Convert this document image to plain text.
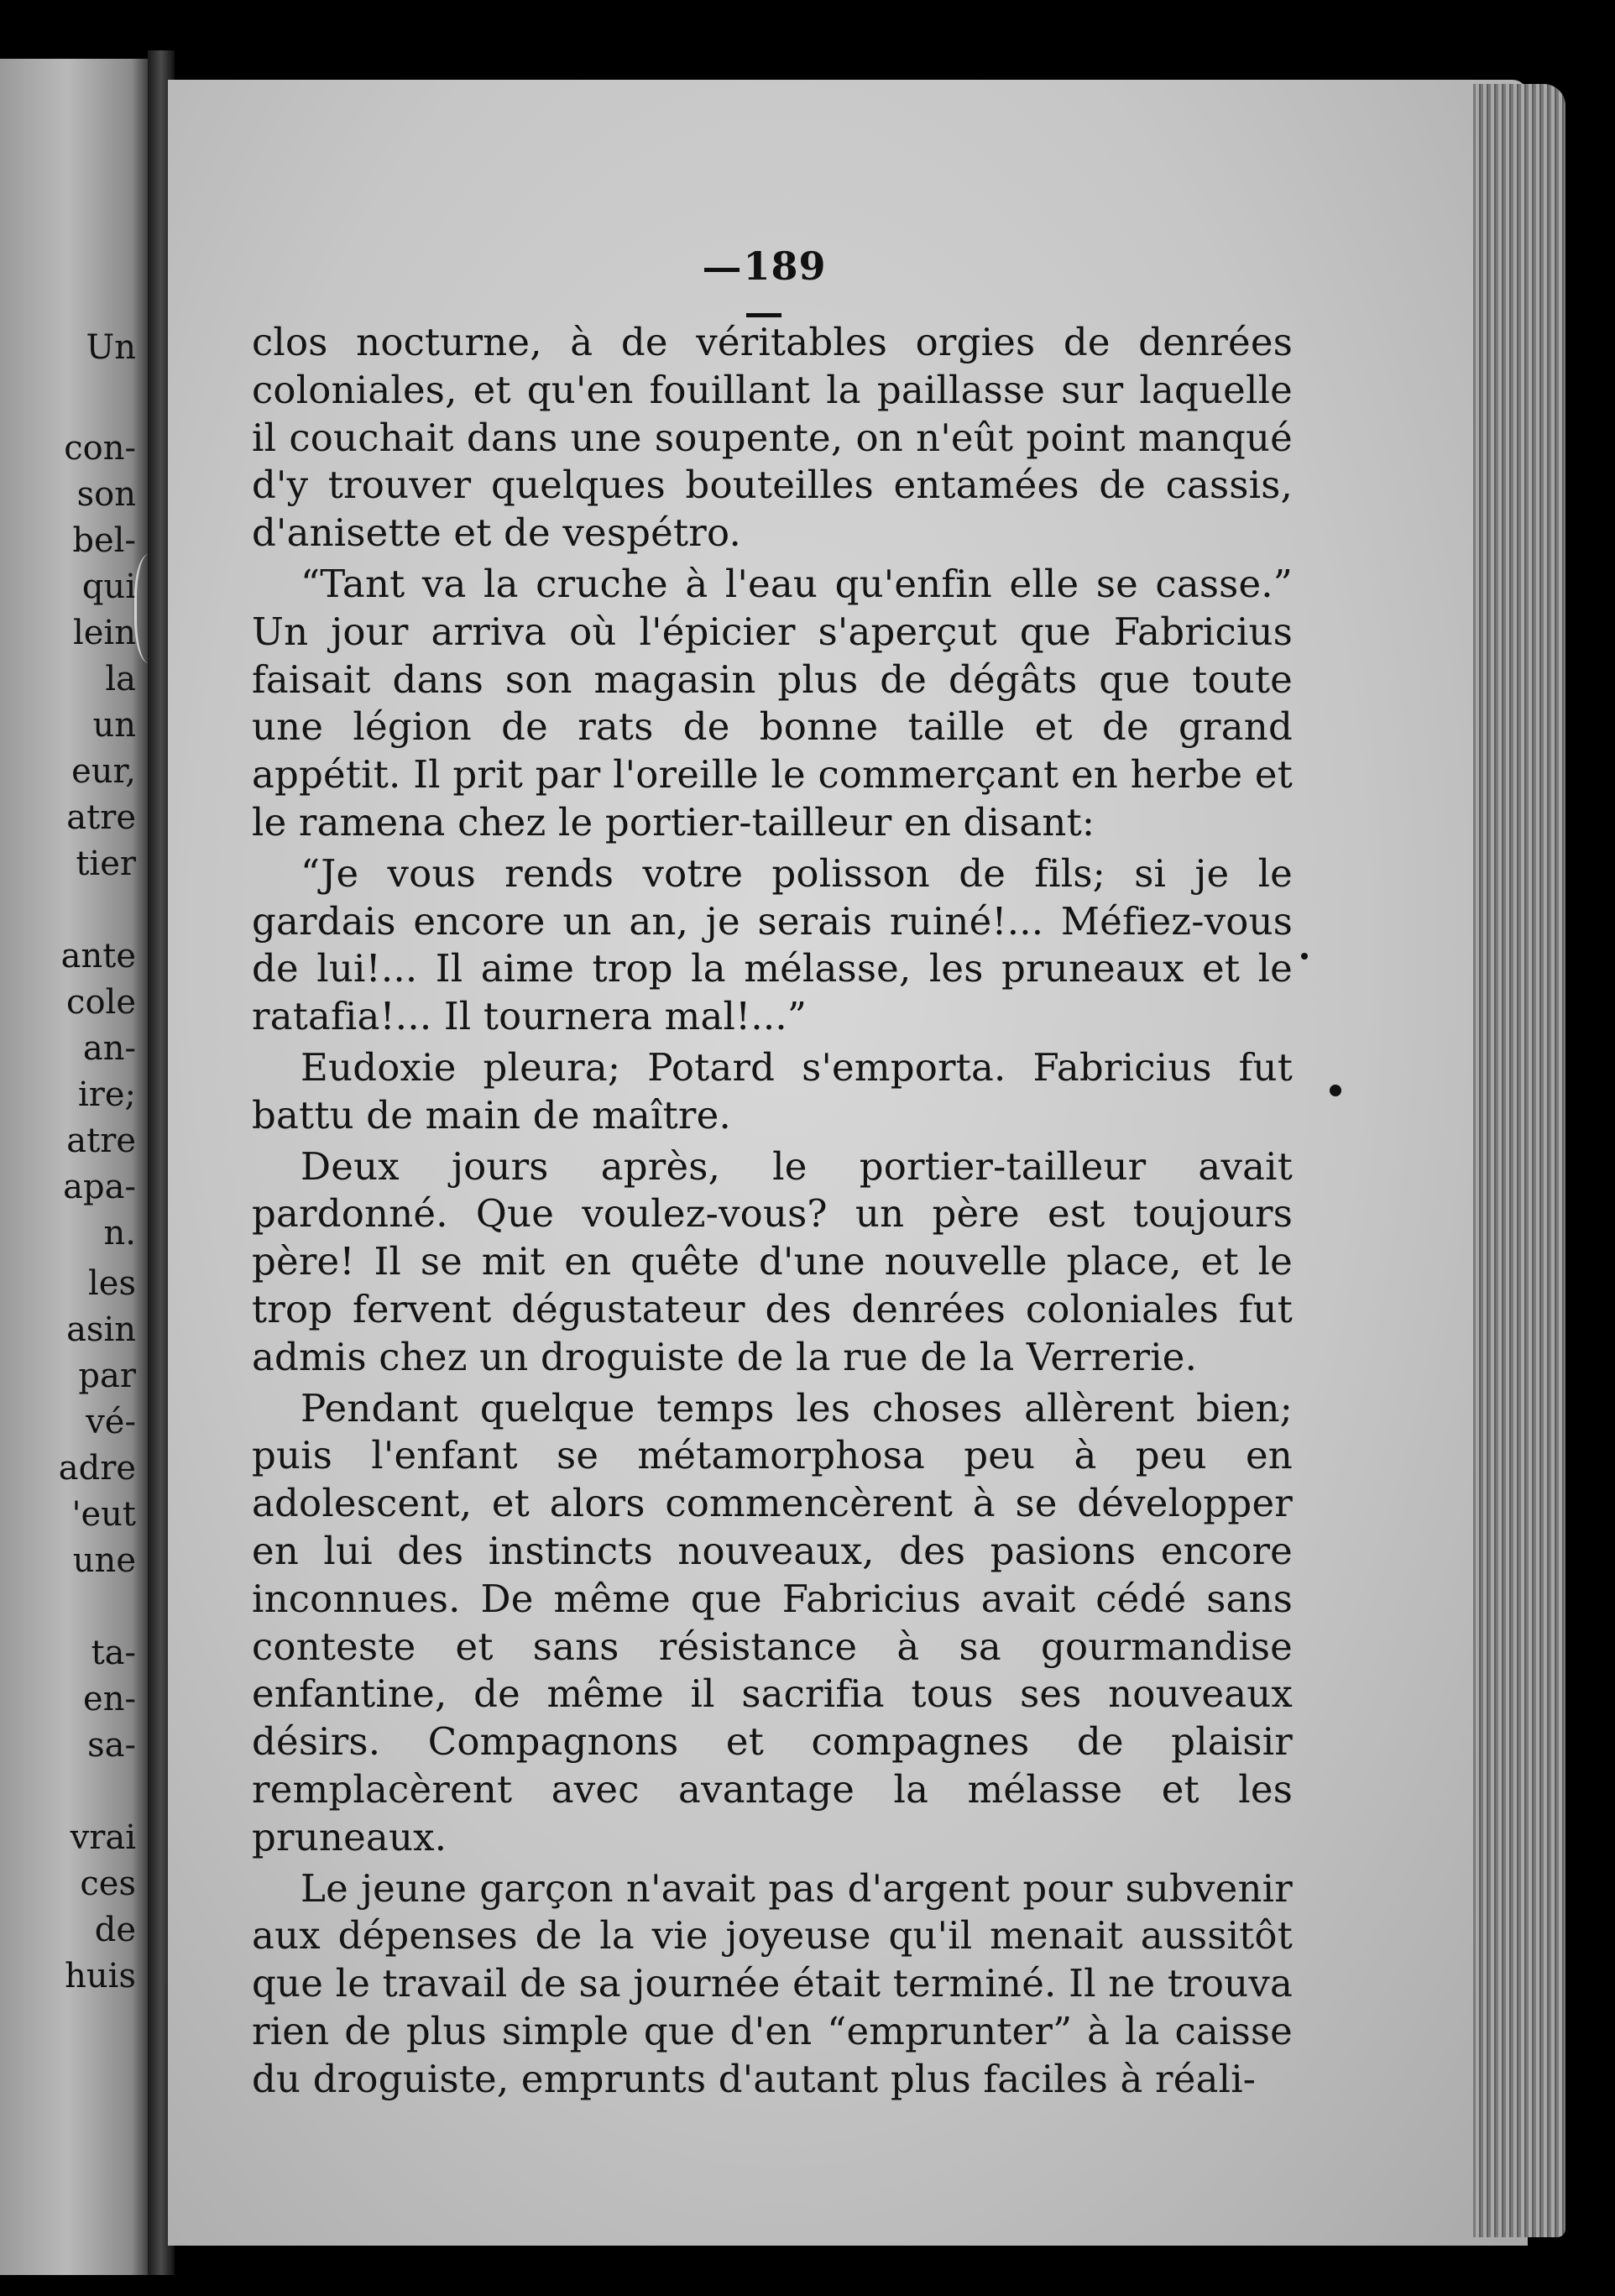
Un
con-
son
bel-
qui
lein
la
un
eur,
atre
tier
ante
cole
an-
ire;
atre
apa-
n.
les
asin
par
vé-
adre
'eut
une
ta-
en-
sa-
vrai
ces
de
huis
189

clos nocturne, à de véritables orgies de denrées coloniales, et qu'en fouillant la paillasse sur laquelle il couchait dans une soupente, on n'eût point manqué d'y trouver quelques bouteilles entamées de cassis, d'anisette et de vespétro.

“Tant va la cruche à l'eau qu'enfin elle se casse.” Un jour arriva où l'épicier s'aperçut que Fabricius faisait dans son magasin plus de dégâts que toute une légion de rats de bonne taille et de grand appétit. Il prit par l'oreille le commerçant en herbe et le ramena chez le portier-tailleur en disant:

“Je vous rends votre polisson de fils; si je le gardais encore un an, je serais ruiné!... Méfiez-vous de lui!... Il aime trop la mélasse, les pruneaux et le ratafia!... Il tournera mal!...”

Eudoxie pleura; Potard s'emporta. Fabricius fut battu de main de maître.

Deux jours après, le portier-tailleur avait pardonné. Que voulez-vous? un père est toujours père! Il se mit en quête d'une nouvelle place, et le trop fervent dégustateur des denrées coloniales fut admis chez un droguiste de la rue de la Verrerie.

Pendant quelque temps les choses allèrent bien; puis l'enfant se métamorphosa peu à peu en adolescent, et alors commencèrent à se développer en lui des instincts nouveaux, des pasions encore inconnues. De même que Fabricius avait cédé sans conteste et sans résistance à sa gourmandise enfantine, de même il sacrifia tous ses nouveaux désirs. Compagnons et compagnes de plaisir remplacèrent avec avantage la mélasse et les pruneaux.

Le jeune garçon n'avait pas d'argent pour subvenir aux dépenses de la vie joyeuse qu'il menait aussitôt que le travail de sa journée était terminé. Il ne trouva rien de plus simple que d'en “emprunter” à la caisse du droguiste, emprunts d'autant plus faciles à réali-
